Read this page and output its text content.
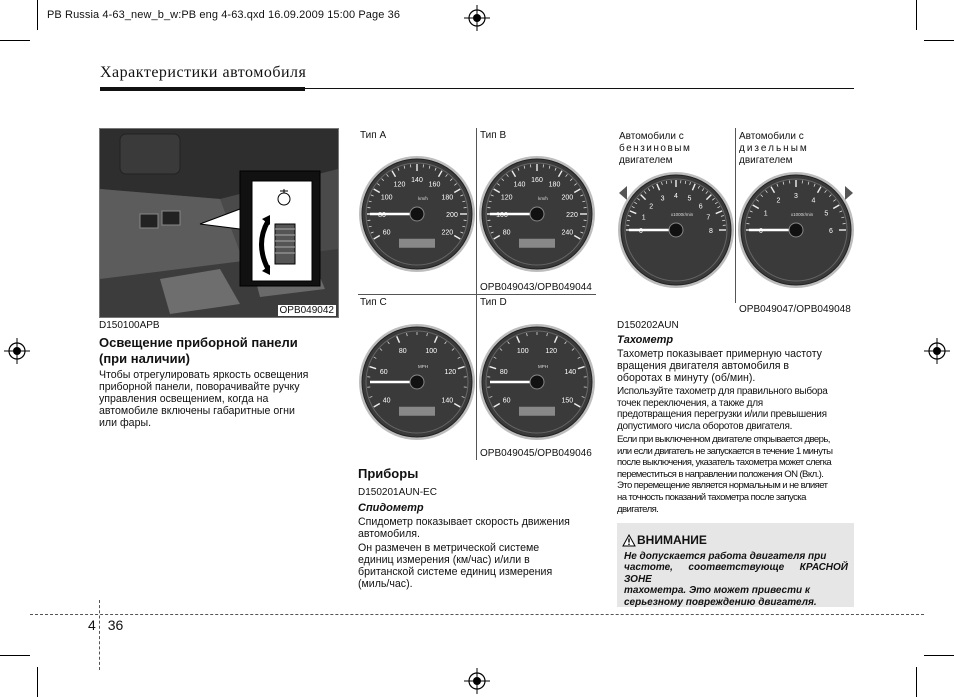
PB Russia 4-63_new_b_w:PB eng 4-63.qxd 16.09.2009 15:00 Page 36
Характеристики автомобиля
OPB049042
D150100APB
Освещение приборной панели
(при наличии)
Чтобы отрегулировать яркость освещения
приборной панели, поворачивайте ручку
управления освещением, когда на
автомобиле включены габаритные огни
или фары.
Тип A	Тип B
Тип C	Тип D
OPB049043/OPB049044
OPB049045/OPB049046
60
80
100
120
140
160
180
200
220
km/h
80
100
120
140
160
180
200
220
240
km/h
40
60
80	100
120
140
MPH
60
80
100 120
140
150
MPH
Приборы
D150201AUN-EC
Спидометр
Спидометр показывает скорость движения
автомобиля.
Он размечен в метрической системе
единиц измерения (км/час) и/или в
британской системе единиц измерения
(миль/час).
Автомобили с
бензиновым
двигателем
Автомобили с
дизельным
двигателем
OPB049047/OPB049048
0
1
2
3 4 5
6
7
8
x1000r/min
0
1
2
3
4
5
6
x1000r/min
D150202AUN
Тахометр
Тахометр показывает примерную частоту
вращения двигателя автомобиля в
оборотах в минуту (об/мин).
Используйте тахометр для правильного выбора
точек переключения, а также для
предотвращения перегрузки и/или превышения
допустимого числа оборотов двигателя.
Если при выключенном двигателе открывается дверь,
или если двигатель не запускается в течение 1 минуты
после выключения, указатель тахометра может слегка
переместиться в направлении положения ON (Вкл.).
Это перемещение является нормальным и не влияет
на точность показаний тахометра после запуска
двигателя.
ВНИМАНИЕ
Не допускается работа двигателя при
частоте, соответствующе КРАСНОЙ ЗОНЕ
тахометра. Это может привести к
серьезному повреждению двигателя.
4 36
